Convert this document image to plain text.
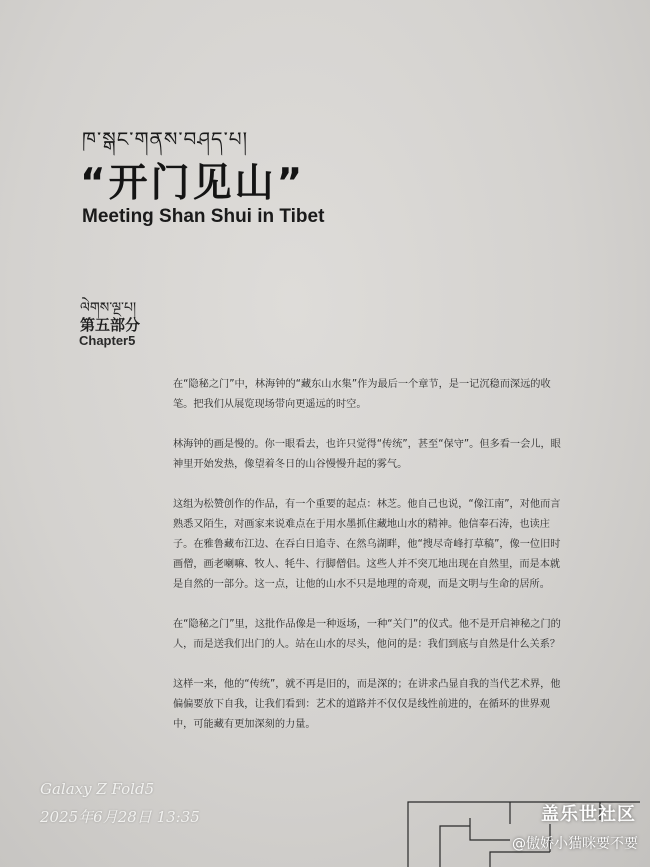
ཁ་སྒང་གནས་བཤད་པ།
“开门见山”
Meeting Shan Shui in Tibet
ལེགས་ལྔ་པ།
第五部分
Chapter5

在“隐秘之门”中，林海钟的“藏东山水集”作为最后一个章节，是一记沉稳而深远的收笔。把我们从展览现场带向更遥远的时空。

林海钟的画是慢的。你一眼看去，也许只觉得“传统”，甚至“保守”。但多看一会儿，眼神里开始发热，像望着冬日的山谷慢慢升起的雾气。

这组为松赞创作的作品，有一个重要的起点：林芝。他自己也说，“像江南”，对他而言熟悉又陌生，对画家来说难点在于用水墨抓住藏地山水的精神。他信奉石涛，也读庄子。在雅鲁藏布江边、在吞白日追寺、在然乌湖畔，他“搜尽奇峰打草稿”，像一位旧时画僧，画老喇嘛、牧人、牦牛、行脚僧侣。这些人并不突兀地出现在自然里，而是本就是自然的一部分。这一点，让他的山水不只是地理的奇观，而是文明与生命的居所。

在“隐秘之门”里，这批作品像是一种返场，一种“关门”的仪式。他不是开启神秘之门的人，而是送我们出门的人。站在山水的尽头，他问的是：我们到底与自然是什么关系？

这样一来，他的“传统”，就不再是旧的，而是深的；在讲求凸显自我的当代艺术界，他偏偏要放下自我，让我们看到：艺术的道路并不仅仅是线性前进的，在循环的世界观中，可能藏有更加深刻的力量。

Galaxy Z Fold5
2025年6月28日 13:35	盖乐世社区
@傲娇小猫咪要不要
